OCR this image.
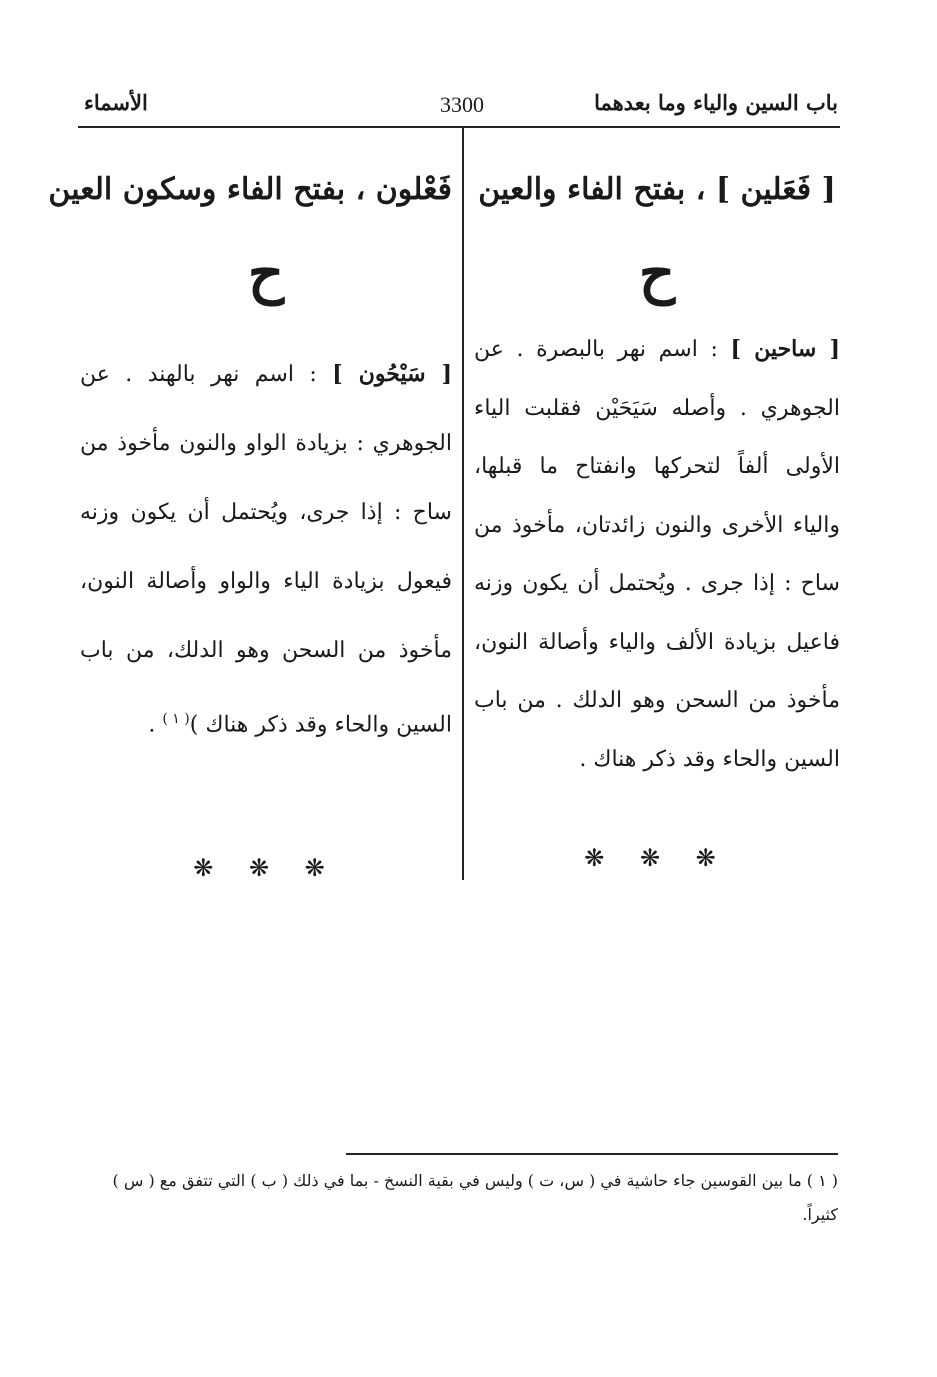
باب السين والياء وما بعدهما
3300
الأسماء
[ فَعَلين ] ، بفتح الفاء والعين
ح
[ ساحين ] : اسم نهر بالبصرة . عن الجوهري . وأصله سَيَحَيْن فقلبت الياء الأولى ألفاً لتحركها وانفتاح ما قبلها، والياء الأخرى والنون زائدتان، مأخوذ من ساح : إذا جرى . ويُحتمل أن يكون وزنه فاعيل بزيادة الألف والياء وأصالة النون، مأخوذ من السحن وهو الدلك . من باب السين والحاء وقد ذكر هناك .
❋ ❋ ❋
فَعْلون ، بفتح الفاء وسكون العين
ح
[ سَيْحُون ] : اسم نهر بالهند . عن الجوهري : بزيادة الواو والنون مأخوذ من ساح : إذا جرى، ويُحتمل أن يكون وزنه فيعول بزيادة الياء والواو وأصالة النون، مأخوذ من السحن وهو الدلك، من باب السين والحاء وقد ذكر هناك )$^{( ١ )}$ .
❋ ❋ ❋
( ١ ) ما بين القوسين جاء حاشية في ( س، ت ) وليس في بقية النسخ - بما في ذلك ( ب ) التي تتفق مع ( س ) كثيراً.
